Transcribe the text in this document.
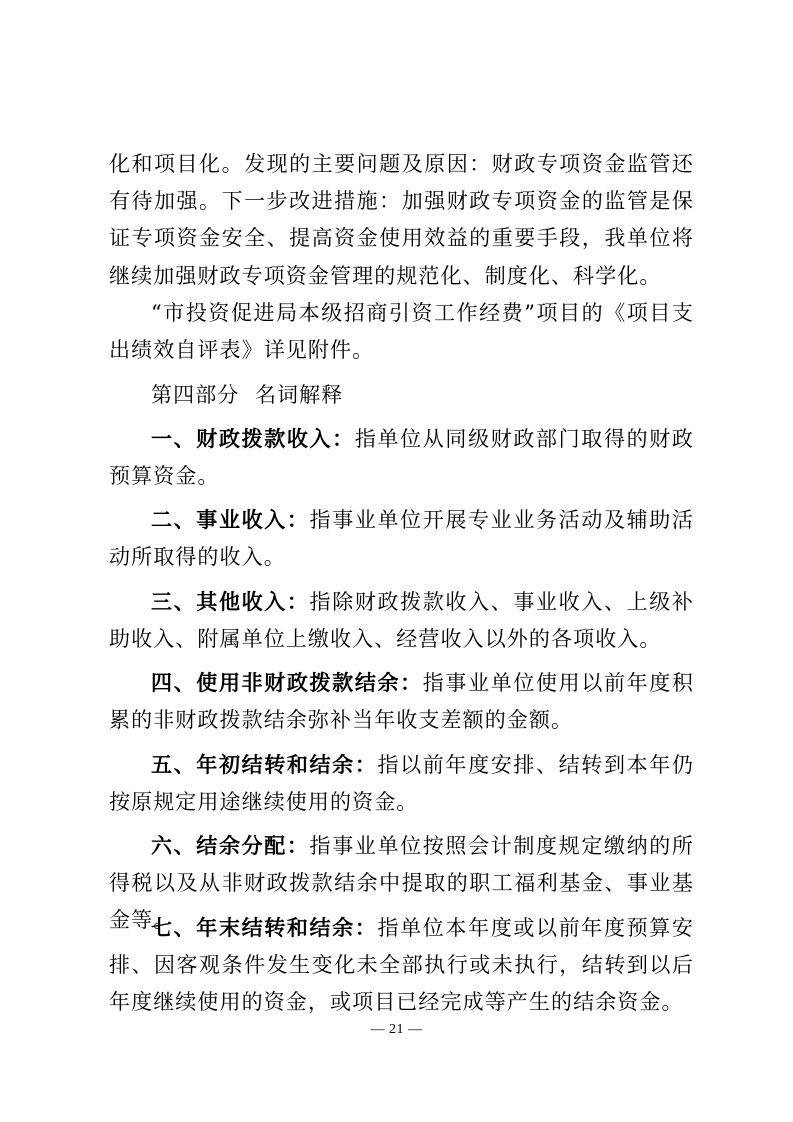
化和项目化。发现的主要问题及原因：财政专项资金监管还有待加强。下一步改进措施：加强财政专项资金的监管是保证专项资金安全、提高资金使用效益的重要手段，我单位将继续加强财政专项资金管理的规范化、制度化、科学化。

“市投资促进局本级招商引资工作经费”项目的《项目支出绩效自评表》详见附件。

第四部分  名词解释

一、财政拨款收入：指单位从同级财政部门取得的财政预算资金。

二、事业收入：指事业单位开展专业业务活动及辅助活动所取得的收入。

三、其他收入：指除财政拨款收入、事业收入、上级补助收入、附属单位上缴收入、经营收入以外的各项收入。

四、使用非财政拨款结余：指事业单位使用以前年度积累的非财政拨款结余弥补当年收支差额的金额。

五、年初结转和结余：指以前年度安排、结转到本年仍按原规定用途继续使用的资金。

六、结余分配：指事业单位按照会计制度规定缴纳的所得税以及从非财政拨款结余中提取的职工福利基金、事业基金等。

七、年末结转和结余：指单位本年度或以前年度预算安排、因客观条件发生变化未全部执行或未执行，结转到以后年度继续使用的资金，或项目已经完成等产生的结余资金。

— 21 —
